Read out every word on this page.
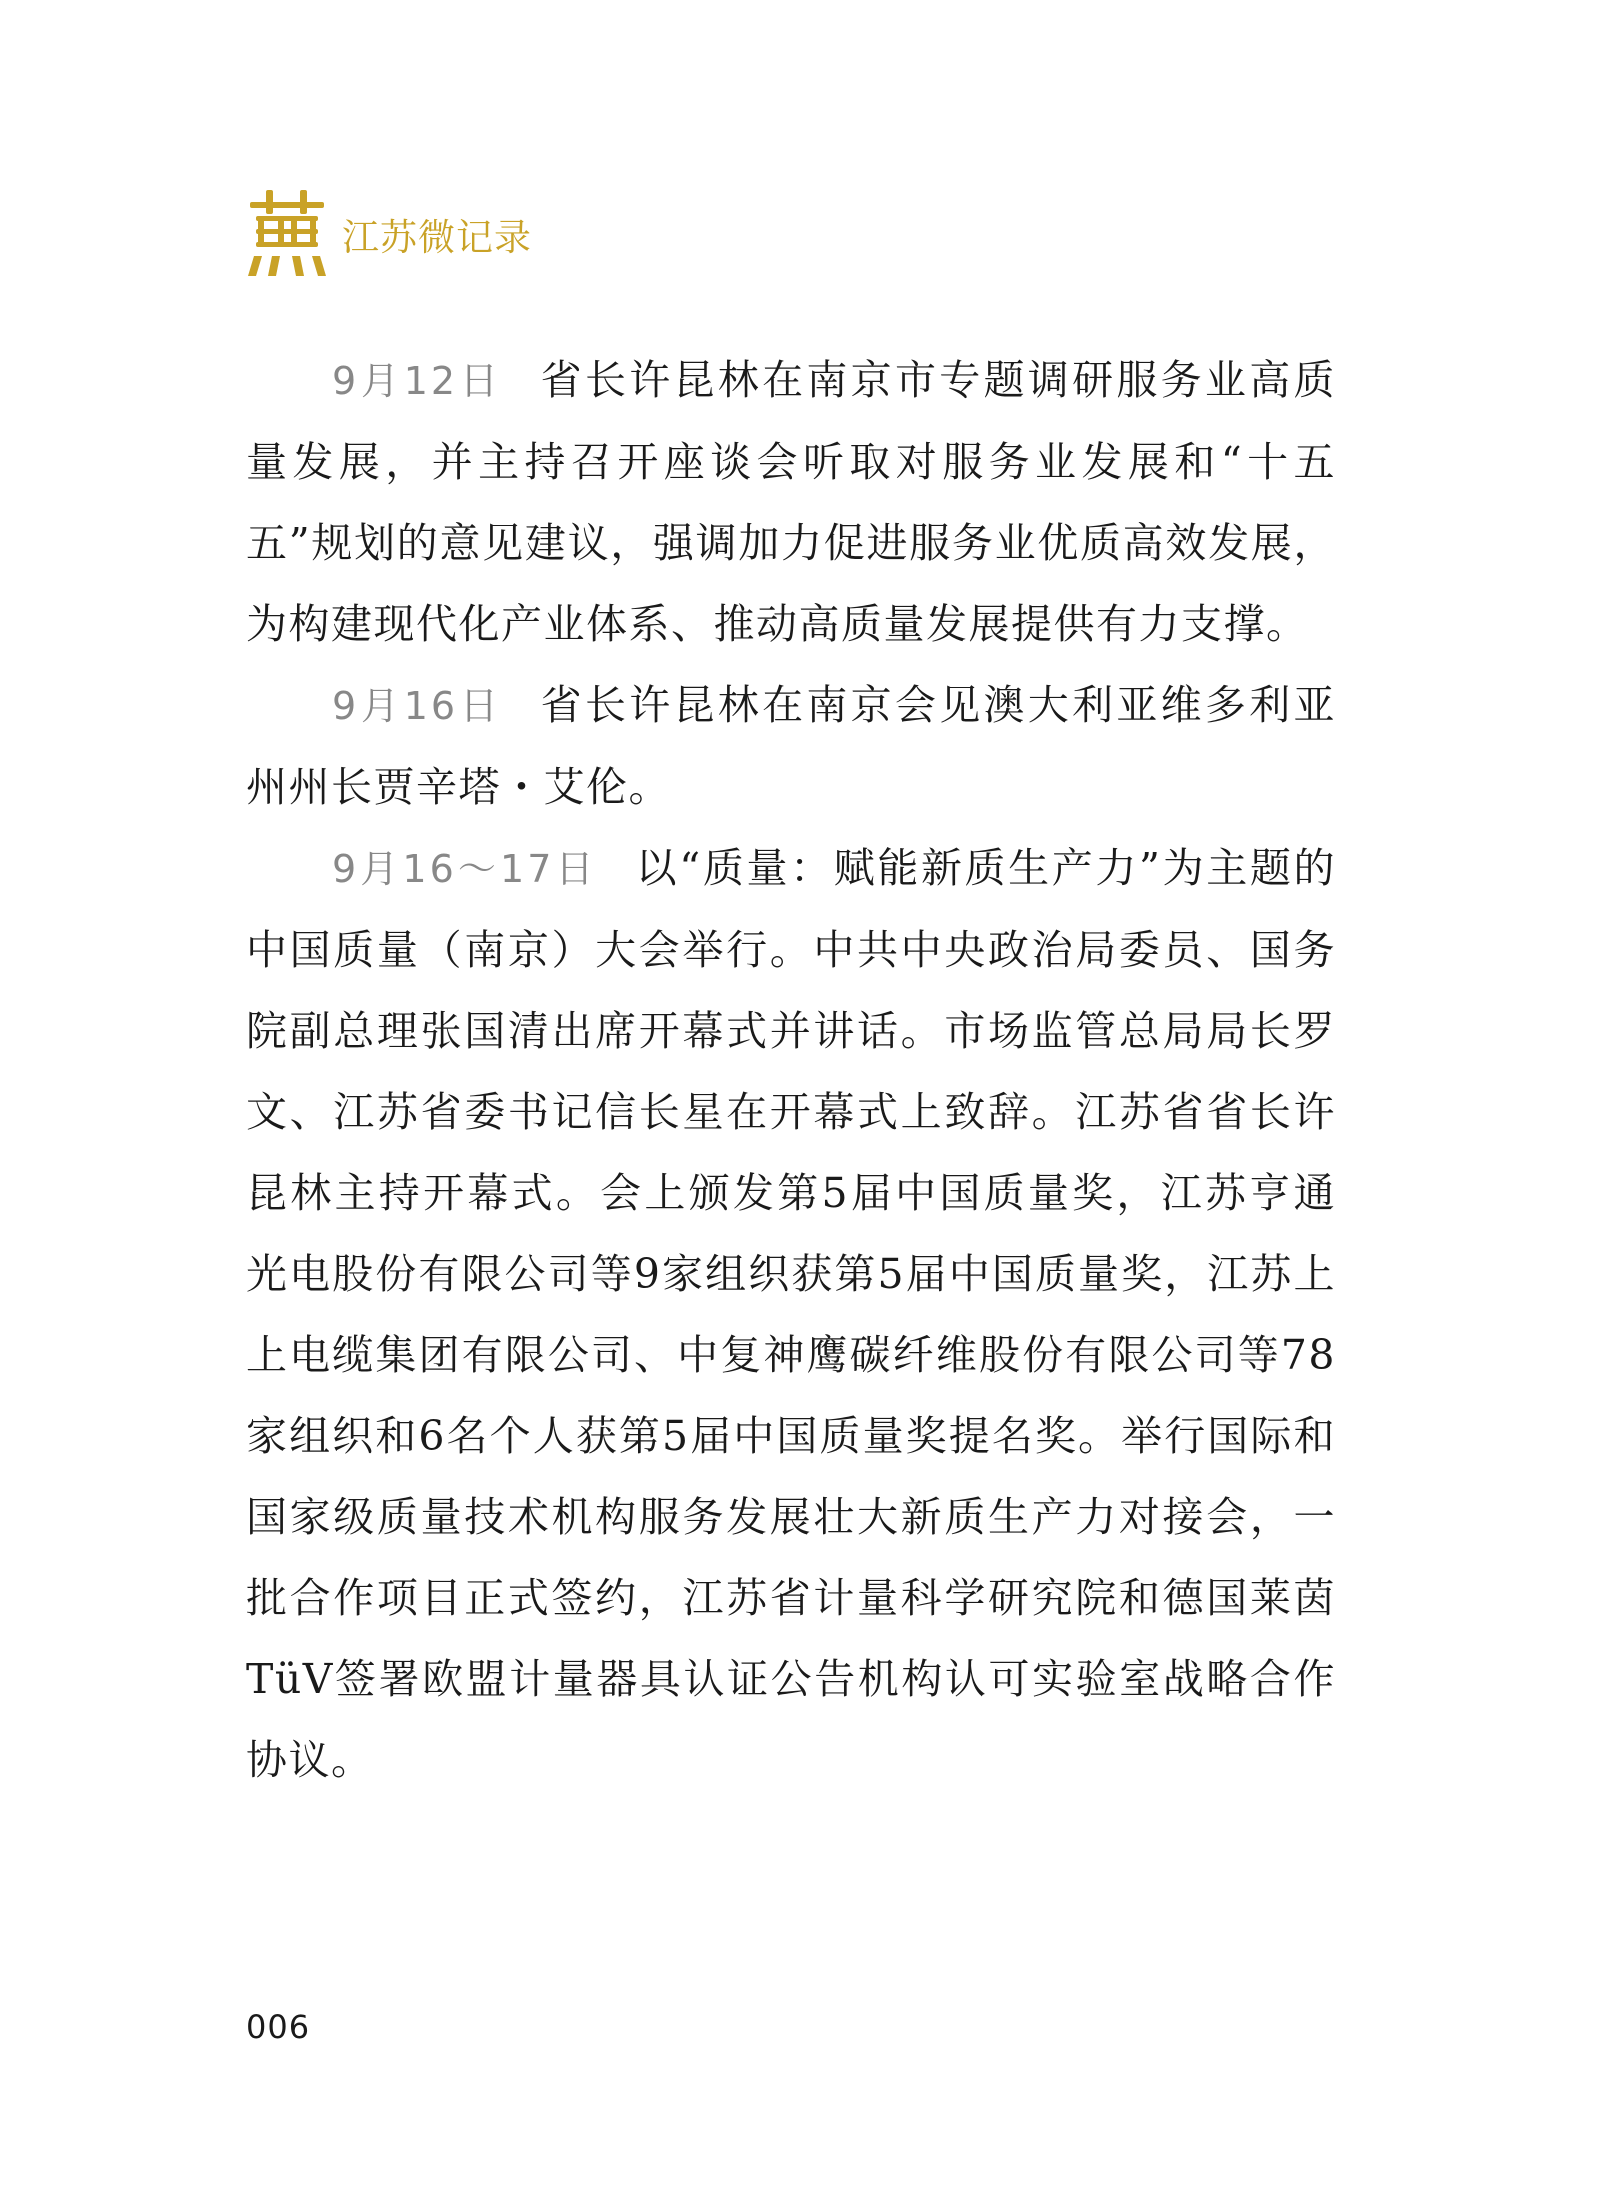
江苏微记录

9月12日 省长许昆林在南京市专题调研服务业高质量发展，并主持召开座谈会听取对服务业发展和“十五五”规划的意见建议，强调加力促进服务业优质高效发展，为构建现代化产业体系、推动高质量发展提供有力支撑。

9月16日 省长许昆林在南京会见澳大利亚维多利亚州州长贾辛塔・艾伦。

9月16～17日 以“质量：赋能新质生产力”为主题的中国质量（南京）大会举行。中共中央政治局委员、国务院副总理张国清出席开幕式并讲话。市场监管总局局长罗文、江苏省委书记信长星在开幕式上致辞。江苏省省长许昆林主持开幕式。会上颁发第5届中国质量奖，江苏亨通光电股份有限公司等9家组织获第5届中国质量奖，江苏上上电缆集团有限公司、中复神鹰碳纤维股份有限公司等78家组织和6名个人获第5届中国质量奖提名奖。举行国际和国家级质量技术机构服务发展壮大新质生产力对接会，一批合作项目正式签约，江苏省计量科学研究院和德国莱茵TüV签署欧盟计量器具认证公告机构认可实验室战略合作协议。

006
